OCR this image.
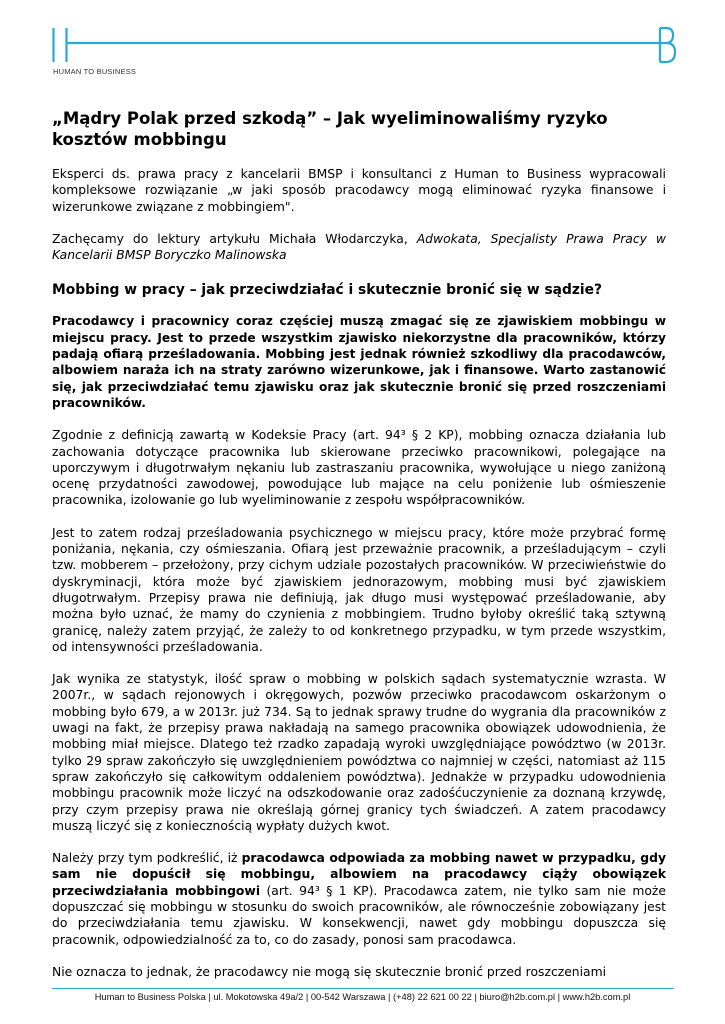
HUMAN TO BUSINESS
„Mądry Polak przed szkodą” – Jak wyeliminowaliśmy ryzyko kosztów mobbingu

Eksperci ds. prawa pracy z kancelarii BMSP i konsultanci z Human to Business wypracowali kompleksowe rozwiązanie „w jaki sposób pracodawcy mogą eliminować ryzyka finansowe i wizerunkowe związane z mobbingiem".

Zachęcamy do lektury artykułu Michała Włodarczyka, Adwokata, Specjalisty Prawa Pracy w Kancelarii BMSP Boryczko Malinowska

Mobbing w pracy – jak przeciwdziałać i skutecznie bronić się w sądzie?

Pracodawcy i pracownicy coraz częściej muszą zmagać się ze zjawiskiem mobbingu w miejscu pracy. Jest to przede wszystkim zjawisko niekorzystne dla pracowników, którzy padają ofiarą prześladowania. Mobbing jest jednak również szkodliwy dla pracodawców, albowiem naraża ich na straty zarówno wizerunkowe, jak i finansowe. Warto zastanowić się, jak przeciwdziałać temu zjawisku oraz jak skutecznie bronić się przed roszczeniami pracowników.

Zgodnie z definicją zawartą w Kodeksie Pracy (art. 94³ § 2 KP), mobbing oznacza działania lub zachowania dotyczące pracownika lub skierowane przeciwko pracownikowi, polegające na uporczywym i długotrwałym nękaniu lub zastraszaniu pracownika, wywołujące u niego zaniżoną ocenę przydatności zawodowej, powodujące lub mające na celu poniżenie lub ośmieszenie pracownika, izolowanie go lub wyeliminowanie z zespołu współpracowników.

Jest to zatem rodzaj prześladowania psychicznego w miejscu pracy, które może przybrać formę poniżania, nękania, czy ośmieszania. Ofiarą jest przeważnie pracownik, a prześladującym – czyli tzw. mobberem – przełożony, przy cichym udziale pozostałych pracowników. W przeciwieństwie do dyskryminacji, która może być zjawiskiem jednorazowym, mobbing musi być zjawiskiem długotrwałym. Przepisy prawa nie definiują, jak długo musi występować prześladowanie, aby można było uznać, że mamy do czynienia z mobbingiem. Trudno byłoby określić taką sztywną granicę, należy zatem przyjąć, że zależy to od konkretnego przypadku, w tym przede wszystkim, od intensywności prześladowania.

Jak wynika ze statystyk, ilość spraw o mobbing w polskich sądach systematycznie wzrasta. W 2007r., w sądach rejonowych i okręgowych, pozwów przeciwko pracodawcom oskarżonym o mobbing było 679, a w 2013r. już 734. Są to jednak sprawy trudne do wygrania dla pracowników z uwagi na fakt, że przepisy prawa nakładają na samego pracownika obowiązek udowodnienia, że mobbing miał miejsce. Dlatego też rzadko zapadają wyroki uwzględniające powództwo (w 2013r. tylko 29 spraw zakończyło się uwzględnieniem powództwa co najmniej w części, natomiast aż 115 spraw zakończyło się całkowitym oddaleniem powództwa). Jednakże w przypadku udowodnienia mobbingu pracownik może liczyć na odszkodowanie oraz zadośćuczynienie za doznaną krzywdę, przy czym przepisy prawa nie określają górnej granicy tych świadczeń. A zatem pracodawcy muszą liczyć się z koniecznością wypłaty dużych kwot.

Należy przy tym podkreślić, iż pracodawca odpowiada za mobbing nawet w przypadku, gdy sam nie dopuścił się mobbingu, albowiem na pracodawcy ciąży obowiązek przeciwdziałania mobbingowi (art. 94³ § 1 KP). Pracodawca zatem, nie tylko sam nie może dopuszczać się mobbingu w stosunku do swoich pracowników, ale równocześnie zobowiązany jest do przeciwdziałania temu zjawisku. W konsekwencji, nawet gdy mobbingu dopuszcza się pracownik, odpowiedzialność za to, co do zasady, ponosi sam pracodawca.

Nie oznacza to jednak, że pracodawcy nie mogą się skutecznie bronić przed roszczeniami

Human to Business Polska | ul. Mokotowska 49a/2 | 00-542 Warszawa | (+48) 22 621 00 22 | biuro@h2b.com.pl | www.h2b.com.pl
